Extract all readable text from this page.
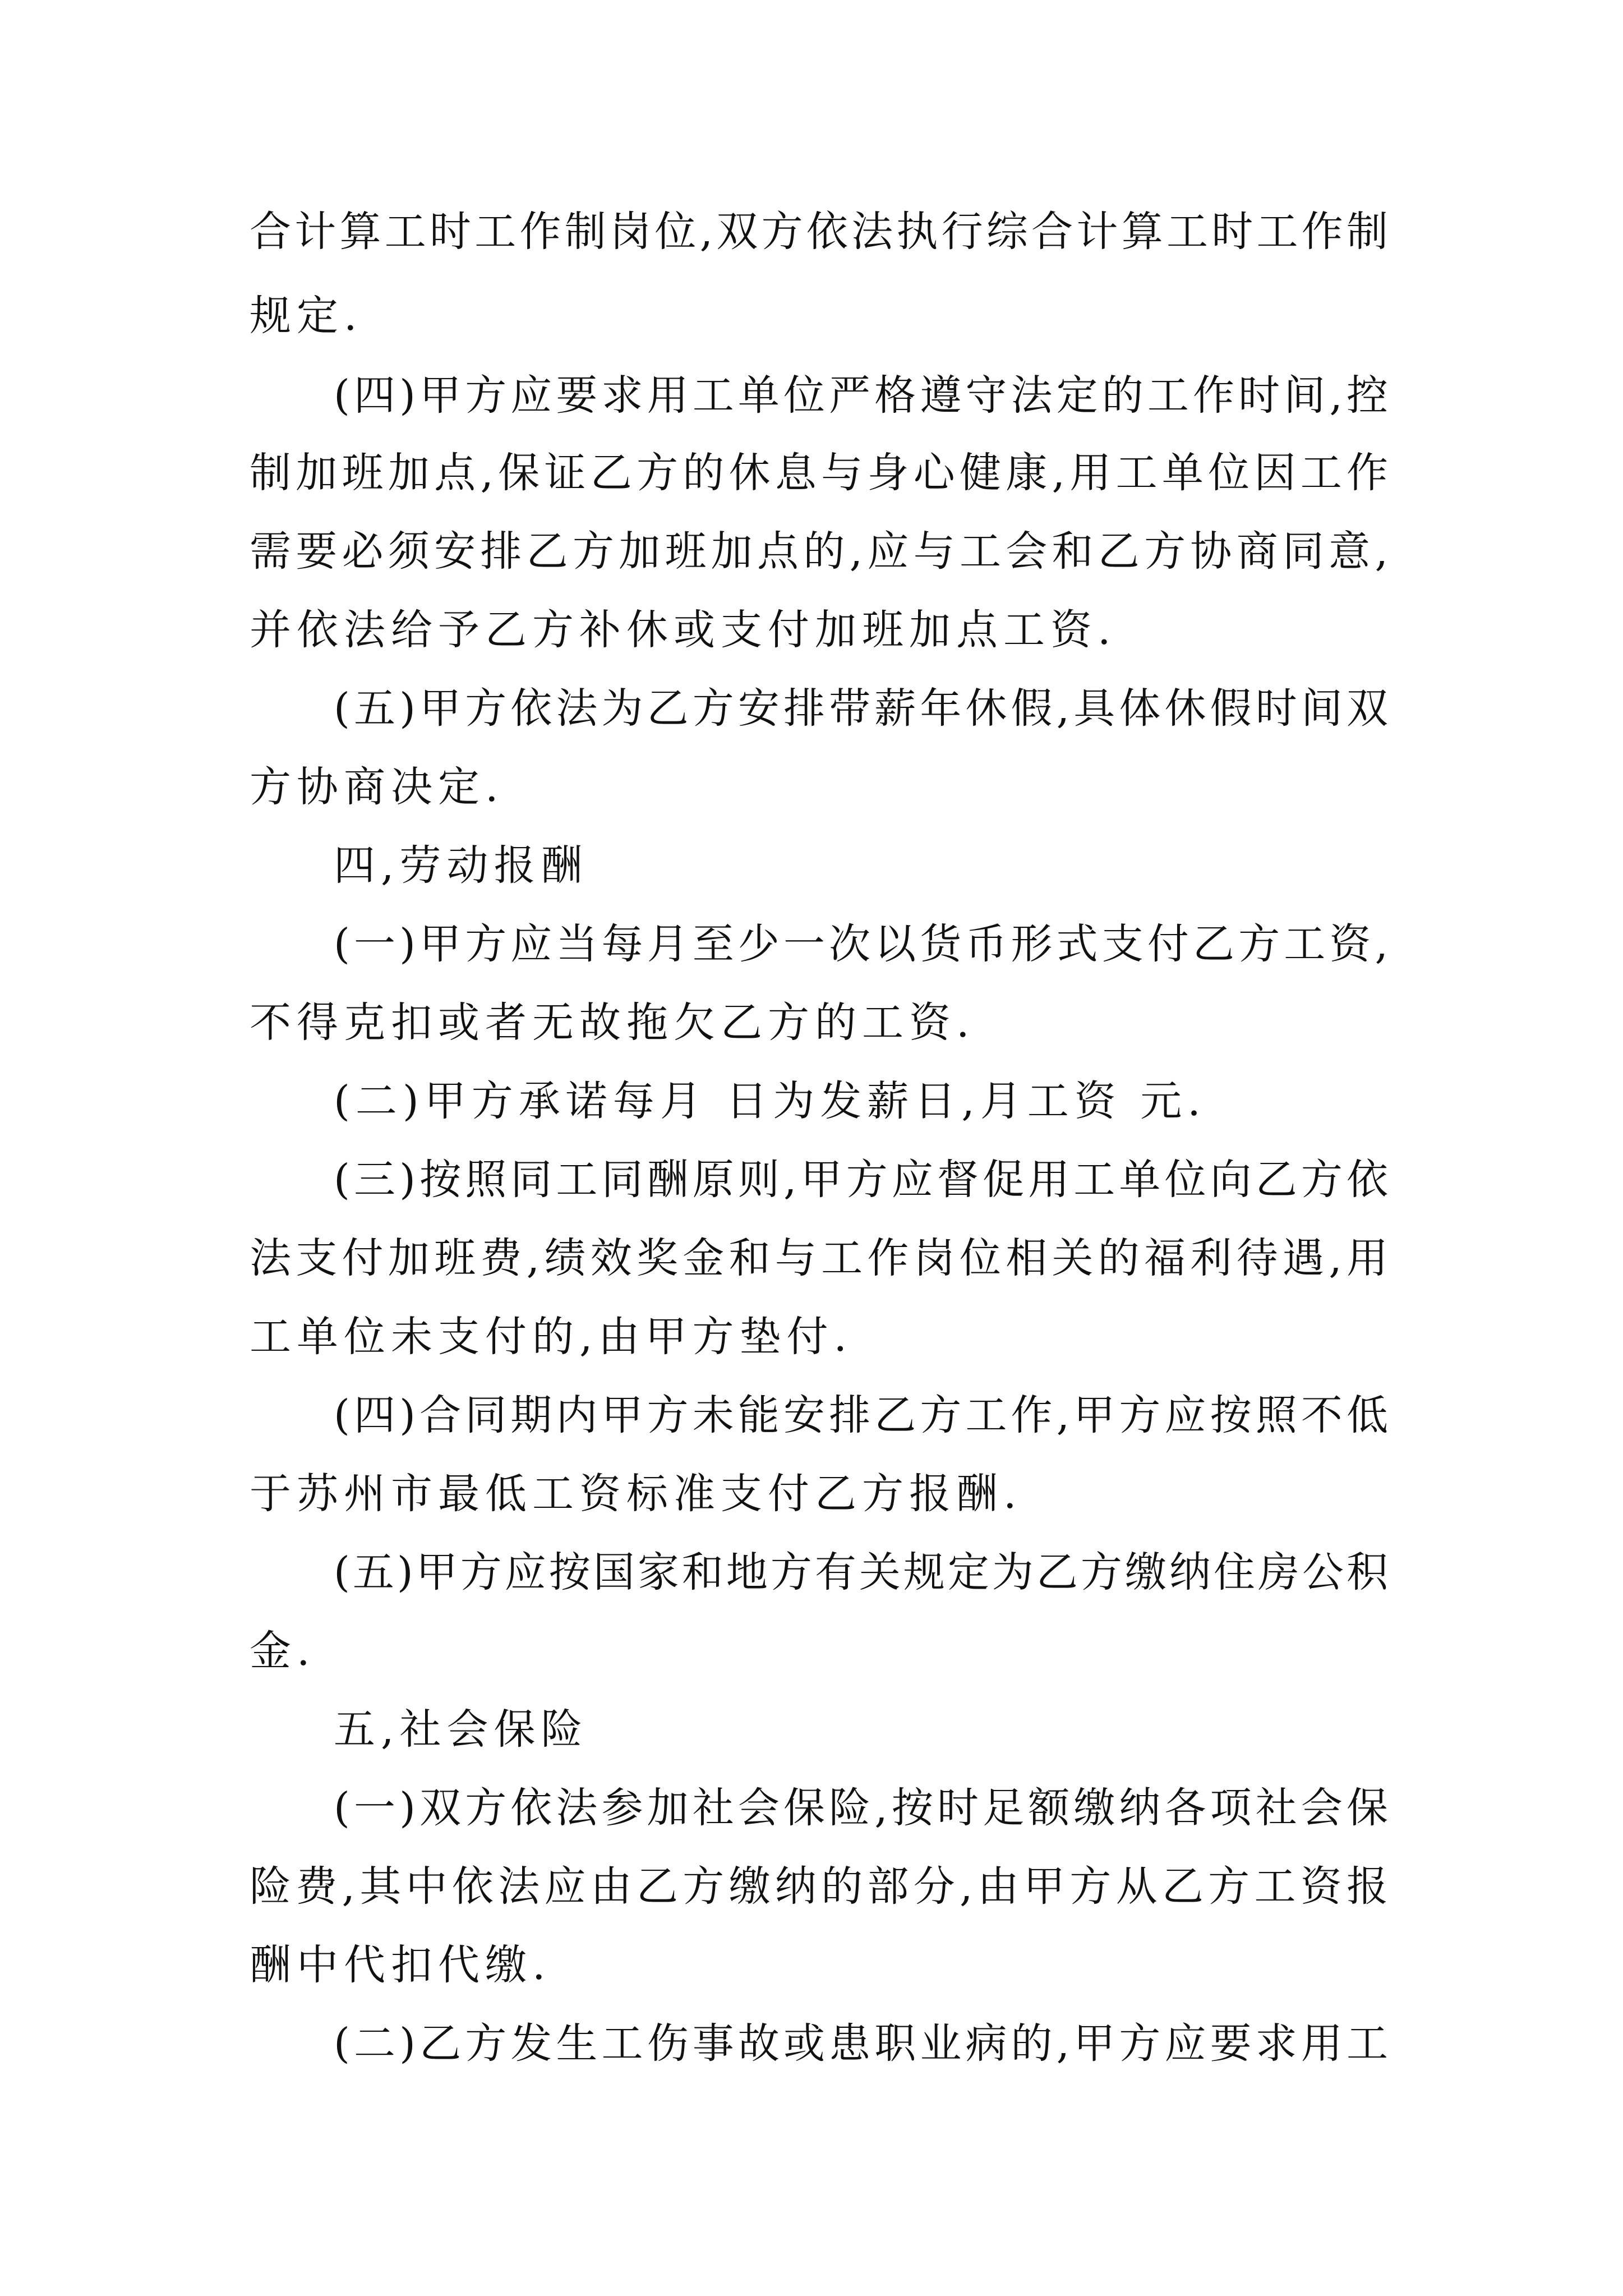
合计算工时工作制岗位,双方依法执行综合计算工时工作制
规定.
(四)甲方应要求用工单位严格遵守法定的工作时间,控
制加班加点,保证乙方的休息与身心健康,用工单位因工作
需要必须安排乙方加班加点的,应与工会和乙方协商同意,
并依法给予乙方补休或支付加班加点工资.
(五)甲方依法为乙方安排带薪年休假,具体休假时间双
方协商决定.
四,劳动报酬
(一)甲方应当每月至少一次以货币形式支付乙方工资,
不得克扣或者无故拖欠乙方的工资.
(二)甲方承诺每月 日为发薪日,月工资 元.
(三)按照同工同酬原则,甲方应督促用工单位向乙方依
法支付加班费,绩效奖金和与工作岗位相关的福利待遇,用
工单位未支付的,由甲方垫付.
(四)合同期内甲方未能安排乙方工作,甲方应按照不低
于苏州市最低工资标准支付乙方报酬.
(五)甲方应按国家和地方有关规定为乙方缴纳住房公积
金.
五,社会保险
(一)双方依法参加社会保险,按时足额缴纳各项社会保
险费,其中依法应由乙方缴纳的部分,由甲方从乙方工资报
酬中代扣代缴.
(二)乙方发生工伤事故或患职业病的,甲方应要求用工
